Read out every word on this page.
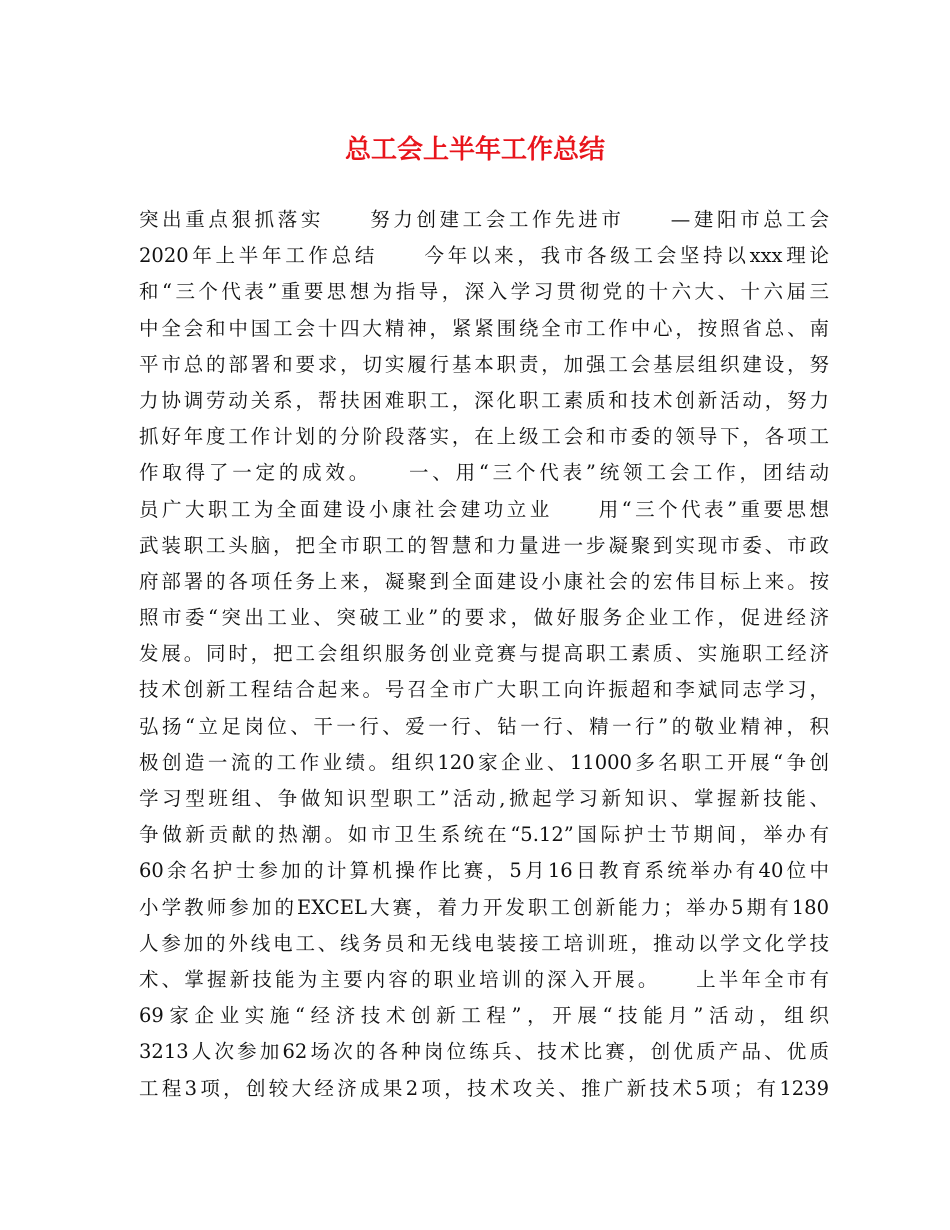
总工会上半年工作总结
突出重点狠抓落实　　努力创建工会工作先进市　　—建阳市总工会
2020年上半年工作总结　　今年以来，我市各级工会坚持以xxx理论
和“三个代表”重要思想为指导，深入学习贯彻党的十六大、十六届三
中全会和中国工会十四大精神，紧紧围绕全市工作中心，按照省总、南
平市总的部署和要求，切实履行基本职责，加强工会基层组织建设，努
力协调劳动关系，帮扶困难职工，深化职工素质和技术创新活动，努力
抓好年度工作计划的分阶段落实，在上级工会和市委的领导下，各项工
作取得了一定的成效。　　一、用“三个代表”统领工会工作，团结动
员广大职工为全面建设小康社会建功立业　　用“三个代表”重要思想
武装职工头脑，把全市职工的智慧和力量进一步凝聚到实现市委、市政
府部署的各项任务上来，凝聚到全面建设小康社会的宏伟目标上来。按
照市委“突出工业、突破工业”的要求，做好服务企业工作，促进经济
发展。同时，把工会组织服务创业竞赛与提高职工素质、实施职工经济
技术创新工程结合起来。号召全市广大职工向许振超和李斌同志学习，
弘扬“立足岗位、干一行、爱一行、钻一行、精一行”的敬业精神，积
极创造一流的工作业绩。组织120家企业、11000多名职工开展“争创
学习型班组、争做知识型职工”活动,掀起学习新知识、掌握新技能、
争做新贡献的热潮。如市卫生系统在“5.12”国际护士节期间，举办有
60余名护士参加的计算机操作比赛，5月16日教育系统举办有40位中
小学教师参加的EXCEL大赛，着力开发职工创新能力；举办5期有180
人参加的外线电工、线务员和无线电装接工培训班，推动以学文化学技
术、掌握新技能为主要内容的职业培训的深入开展。　　上半年全市有
69家企业实施“经济技术创新工程”，开展“技能月”活动，组织
3213人次参加62场次的各种岗位练兵、技术比赛，创优质产品、优质
工程3项，创较大经济成果2项，技术攻关、推广新技术5项；有1239
